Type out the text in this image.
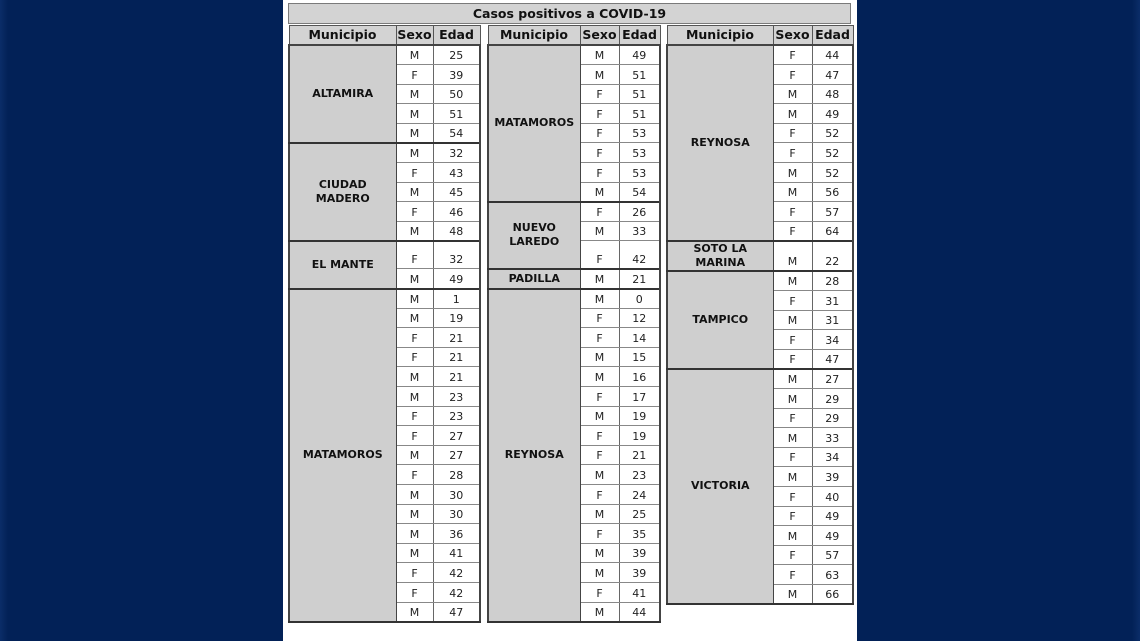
Casos positivos a COVID-19
Municipio	Sexo	Edad
ALTAMIRA	M	25
	F	39
	M	50
	M	51
	M	54
CIUDAD MADERO	M	32
	F	43
	M	45
	F	46
	M	48
EL MANTE	F	32
	M	49
MATAMOROS	M	1
	M	19
	F	21
	F	21
	M	21
	M	23
	F	23
	F	27
	M	27
	F	28
	M	30
	M	30
	M	36
	M	41
	F	42
	F	42
	M	47
Municipio	Sexo	Edad
MATAMOROS	M	49
	M	51
	F	51
	F	51
	F	53
	F	53
	F	53
	M	54
NUEVO LAREDO	F	26
	M	33
	F	42
PADILLA	M	21
REYNOSA	M	0
	F	12
	F	14
	M	15
	M	16
	F	17
	M	19
	F	19
	F	21
	M	23
	F	24
	M	25
	F	35
	M	39
	M	39
	F	41
	M	44
Municipio	Sexo	Edad
REYNOSA	F	44
	F	47
	M	48
	M	49
	F	52
	F	52
	M	52
	M	56
	F	57
	F	64
SOTO LA MARINA	M	22
TAMPICO	M	28
	F	31
	M	31
	F	34
	F	47
VICTORIA	M	27
	M	29
	F	29
	M	33
	F	34
	M	39
	F	40
	F	49
	M	49
	F	57
	F	63
	M	66
